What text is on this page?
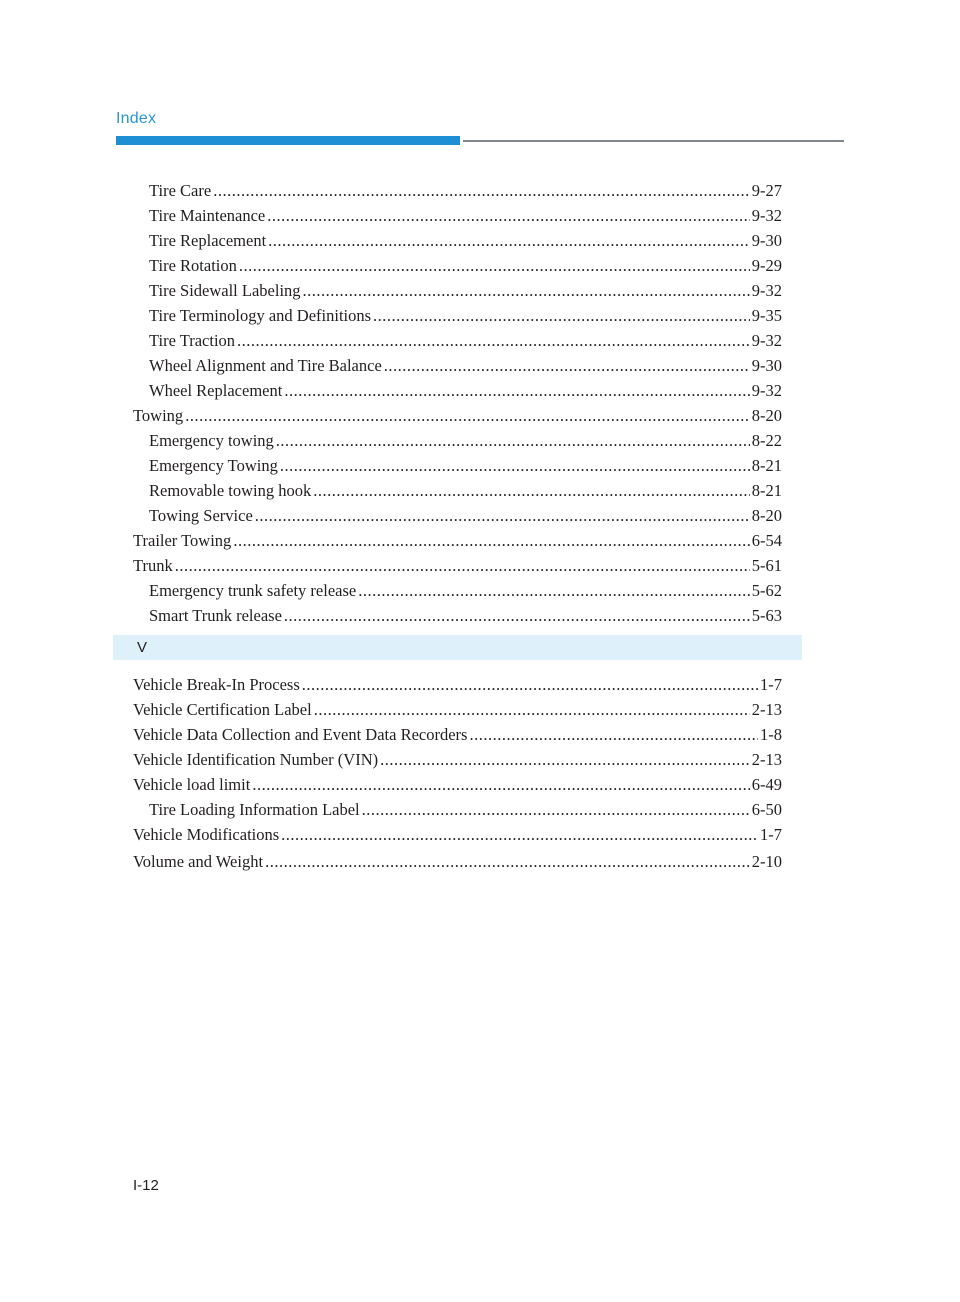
Index
Tire Care .....	9-27
Tire Maintenance .....	9-32
Tire Replacement .....	9-30
Tire Rotation .....	9-29
Tire Sidewall Labeling .....	9-32
Tire Terminology and Definitions .....	9-35
Tire Traction .....	9-32
Wheel Alignment and Tire Balance .....	9-30
Wheel Replacement .....	9-32
Towing .....	8-20
Emergency towing .....	8-22
Emergency Towing .....	8-21
Removable towing hook .....	8-21
Towing Service .....	8-20
Trailer Towing .....	6-54
Trunk .....	5-61
Emergency trunk safety release .....	5-62
Smart Trunk release .....	5-63
V
Vehicle Break-In Process .....	1-7
Vehicle Certification Label .....	2-13
Vehicle Data Collection and Event Data Recorders .....	1-8
Vehicle Identification Number (VIN) .....	2-13
Vehicle load limit .....	6-49
Tire Loading Information Label .....	6-50
Vehicle Modifications .....	1-7
Volume and Weight .....	2-10
I-12
